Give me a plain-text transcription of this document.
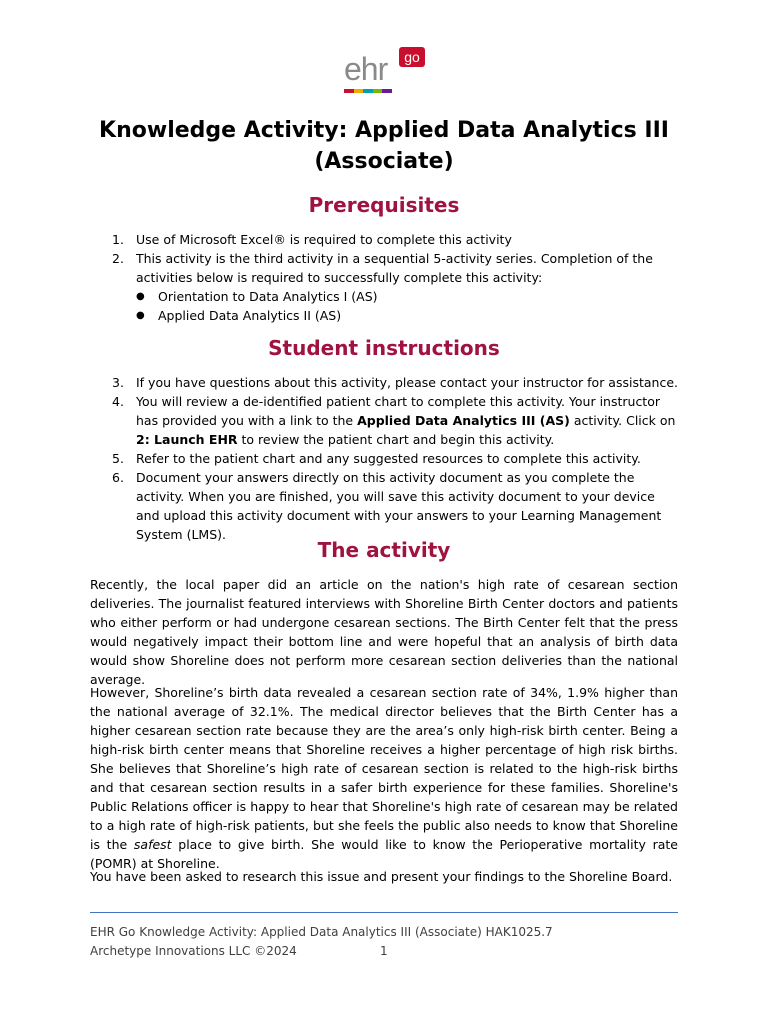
ehr	go
Knowledge Activity: Applied Data Analytics III (Associate)
Prerequisites
1. Use of Microsoft Excel® is required to complete this activity
2. This activity is the third activity in a sequential 5-activity series. Completion of the activities below is required to successfully complete this activity:
● Orientation to Data Analytics I (AS)
● Applied Data Analytics II (AS)
Student instructions
3. If you have questions about this activity, please contact your instructor for assistance.
4. You will review a de-identified patient chart to complete this activity. Your instructor has provided you with a link to the Applied Data Analytics III (AS) activity. Click on 2: Launch EHR to review the patient chart and begin this activity.
5. Refer to the patient chart and any suggested resources to complete this activity.
6. Document your answers directly on this activity document as you complete the activity. When you are finished, you will save this activity document to your device and upload this activity document with your answers to your Learning Management System (LMS).
The activity

Recently, the local paper did an article on the nation's high rate of cesarean section deliveries. The journalist featured interviews with Shoreline Birth Center doctors and patients who either perform or had undergone cesarean sections. The Birth Center felt that the press would negatively impact their bottom line and were hopeful that an analysis of birth data would show Shoreline does not perform more cesarean section deliveries than the national average.

However, Shoreline’s birth data revealed a cesarean section rate of 34%, 1.9% higher than the national average of 32.1%. The medical director believes that the Birth Center has a higher cesarean section rate because they are the area’s only high-risk birth center. Being a high-risk birth center means that Shoreline receives a higher percentage of high risk births. She believes that Shoreline’s high rate of cesarean section is related to the high-risk births and that cesarean section results in a safer birth experience for these families. Shoreline's Public Relations officer is happy to hear that Shoreline's high rate of cesarean may be related to a high rate of high-risk patients, but she feels the public also needs to know that Shoreline is the safest place to give birth. She would like to know the Perioperative mortality rate (POMR) at Shoreline.

You have been asked to research this issue and present your findings to the Shoreline Board.

EHR Go Knowledge Activity: Applied Data Analytics III (Associate) HAK1025.7
Archetype Innovations LLC ©2024	1
